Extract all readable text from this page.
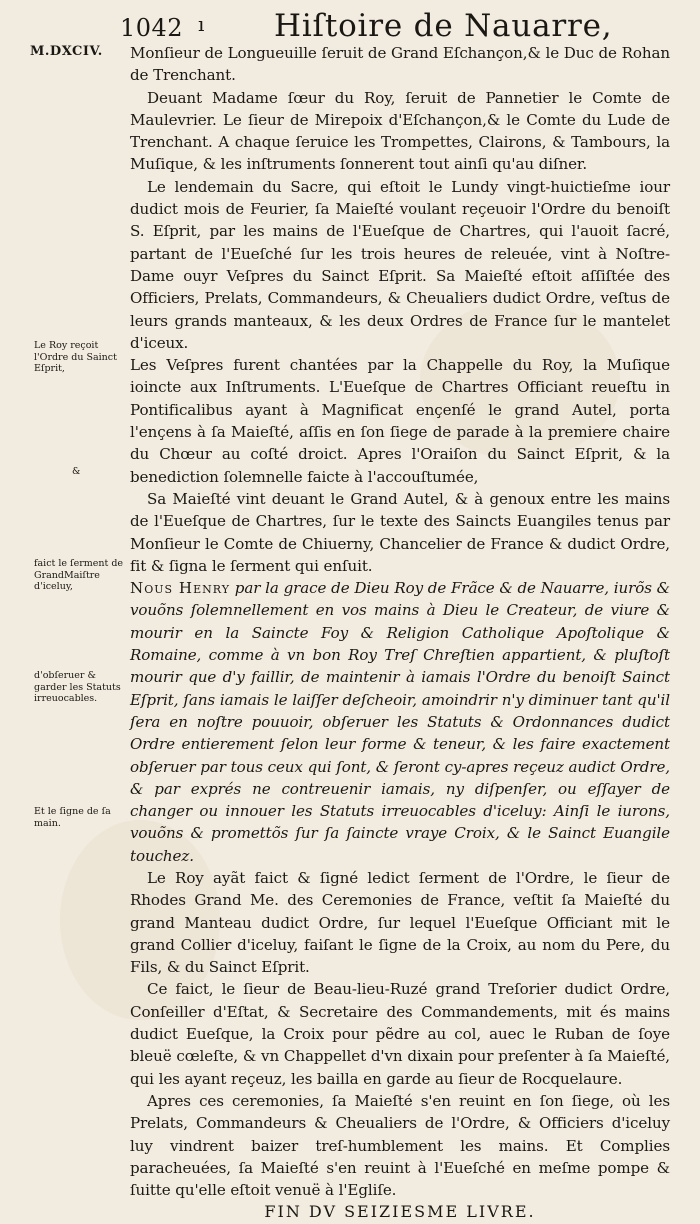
1042 ı Hiſtoire de Nauarre,
M.DXCIV.
Le Roy reçoit l'Ordre du Sainct Eſprit,
&
faict le ſerment de GrandMaiſtre d'iceluy,
d'obſeruer & garder les Statuts irreuocables.
Et le ſigne de ſa main.

Monſieur de Longueuille ſeruit de Grand Eſchançon,& le Duc de Rohan de Trenchant.

Deuant Madame ſœur du Roy, ſeruit de Pannetier le Comte de Maulevrier. Le ſieur de Mirepoix d'Eſchançon,& le Comte du Lude de Trenchant. A chaque ſeruice les Trompettes, Clairons, & Tambours, la Muſique, & les inſtruments ſonnerent tout ainſi qu'au diſner.

Le lendemain du Sacre, qui eſtoit le Lundy vingt-huictieſme iour dudict mois de Feurier, ſa Maieſté voulant reçeuoir l'Ordre du benoiſt S. Eſprit, par les mains de l'Eueſque de Chartres, qui l'auoit ſacré, partant de l'Eueſché ſur les trois heures de releuée, vint à Noſtre-Dame ouyr Veſpres du Sainct Eſprit. Sa Maieſté eſtoit aſſiſtée des Officiers, Prelats, Commandeurs, & Cheualiers dudict Ordre, veſtus de leurs grands manteaux, & les deux Ordres de France ſur le mantelet d'iceux.

Les Veſpres furent chantées par la Chappelle du Roy, la Muſique ioincte aux Inſtruments. L'Eueſque de Chartres Officiant reueſtu in Pontificalibus ayant à Magnificat ençenſé le grand Autel, porta l'ençens à ſa Maieſté, aſſis en ſon ſiege de parade à la premiere chaire du Chœur au coſté droict. Apres l'Oraiſon du Sainct Eſprit, & la benediction ſolemnelle faicte à l'accouſtumée,

Sa Maieſté vint deuant le Grand Autel, & à genoux entre les mains de l'Eueſque de Chartres, ſur le texte des Saincts Euangiles tenus par Monſieur le Comte de Chiuerny, Chancelier de France & dudict Ordre, fit & ſigna le ſerment qui enſuit.

Nous Henry par la grace de Dieu Roy de Frãce & de Nauarre, iurõs & vouõns ſolemnellement en vos mains à Dieu le Createur, de viure & mourir en la Saincte Foy & Religion Catholique Apoſtolique & Romaine, comme à vn bon Roy Treſ Chreſtien appartient, & pluſtoſt mourir que d'y faillir, de maintenir à iamais l'Ordre du benoiſt Sainct Eſprit, ſans iamais le laiſſer deſcheoir, amoindrir n'y diminuer tant qu'il ſera en noſtre pouuoir, obſeruer les Statuts & Ordonnances dudict Ordre entierement ſelon leur forme & teneur, & les faire exactement obſeruer par tous ceux qui ſont, & ſeront cy-apres reçeuz audict Ordre, & par exprés ne contreuenir iamais, ny diſpenſer, ou eſſayer de changer ou innouer les Statuts irreuocables d'iceluy: Ainſi le iurons, vouõns & promettõs ſur ſa ſaincte vraye Croix, & le Sainct Euangile touchez.

Le Roy ayãt faict & ſigné ledict ſerment de l'Ordre, le ſieur de Rhodes Grand Me. des Ceremonies de France, veſtit ſa Maieſté du grand Manteau dudict Ordre, ſur lequel l'Eueſque Officiant mit le grand Collier d'iceluy, faiſant le ſigne de la Croix, au nom du Pere, du Fils, & du Sainct Eſprit.

Ce faict, le ſieur de Beau-lieu-Ruzé grand Treſorier dudict Ordre, Conſeiller d'Eſtat, & Secretaire des Commandements, mit és mains dudict Eueſque, la Croix pour pẽdre au col, auec le Ruban de ſoye bleuë cœleſte, & vn Chappellet d'vn dixain pour preſenter à ſa Maieſté, qui les ayant reçeuz, les bailla en garde au ſieur de Rocquelaure.

Apres ces ceremonies, ſa Maieſté s'en reuint en ſon ſiege, où les Prelats, Commandeurs & Cheualiers de l'Ordre, & Officiers d'iceluy luy vindrent baizer treſ-humblement les mains. Et Complies paracheuées, ſa Maieſté s'en reuint à l'Eueſché en meſme pompe & ſuitte qu'elle eſtoit venuë à l'Egliſe.

FIN DV SEIZIESME LIVRE.
